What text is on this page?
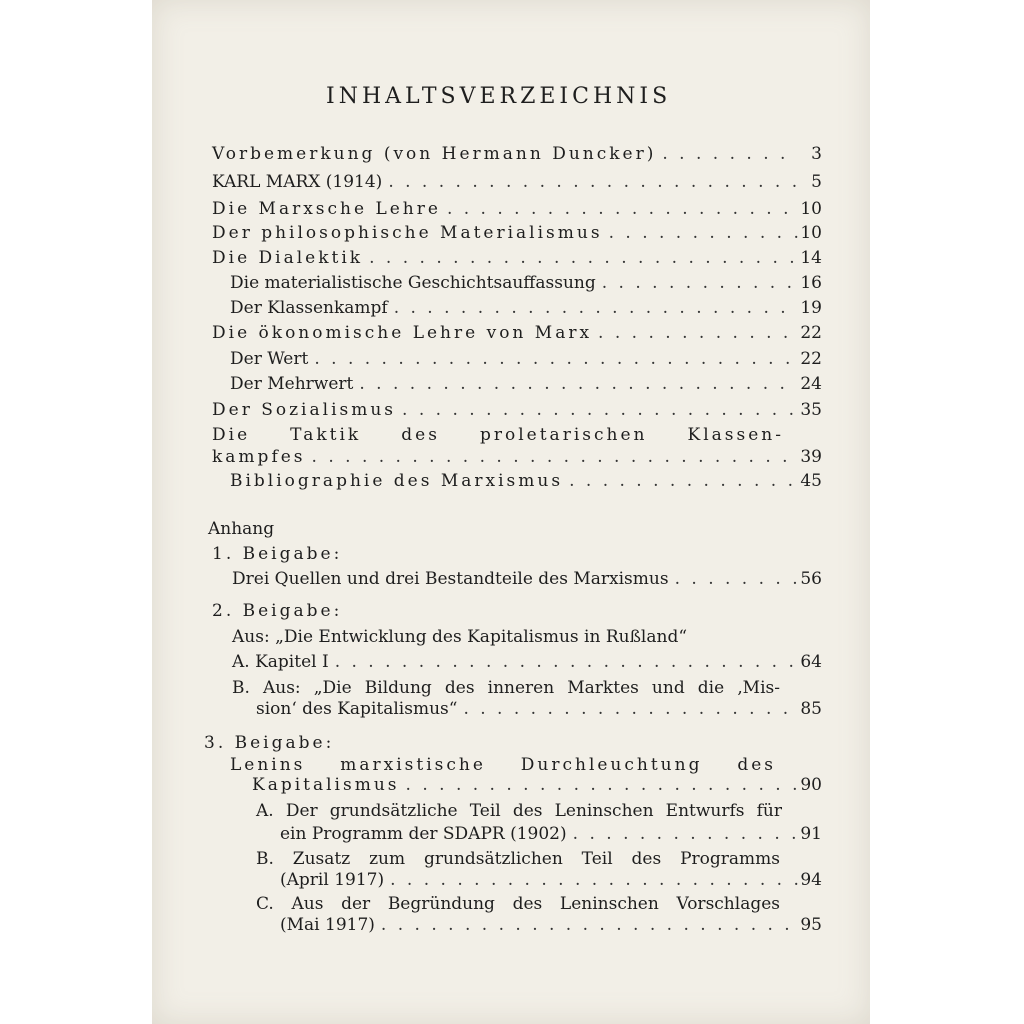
INHALTSVERZEICHNIS
Vorbemerkung (von Hermann Duncker) . . .	3
KARL MARX (1914) . . .	5
Die Marxsche Lehre . . .	10
Der philosophische Materialismus . . .	10
Die Dialektik . . .	14
Die materialistische Geschichtsauffassung . . .	16
Der Klassenkampf . . .	19
Die ökonomische Lehre von Marx . . .	22
Der Wert . . .	22
Der Mehrwert . . .	24
Der Sozialismus . . .	35
Die Taktik des proletarischen Klassen-
kampfes . . .	39
Bibliographie des Marxismus . . .	45
Anhang
1. Beigabe:
Drei Quellen und drei Bestandteile des Marxismus . . .	56
2. Beigabe:
Aus: „Die Entwicklung des Kapitalismus in Rußland“
A. Kapitel I . . .	64
B. Aus: „Die Bildung des inneren Marktes und die ‚Mis-
sion‘ des Kapitalismus“ . . .	85
3. Beigabe:
Lenins marxistische Durchleuchtung des
Kapitalismus . . .	90
A. Der grundsätzliche Teil des Leninschen Entwurfs für
ein Programm der SDAPR (1902) . . .	91
B. Zusatz zum grundsätzlichen Teil des Programms
(April 1917) . . .	94
C. Aus der Begründung des Leninschen Vorschlages
(Mai 1917) . . .	95
